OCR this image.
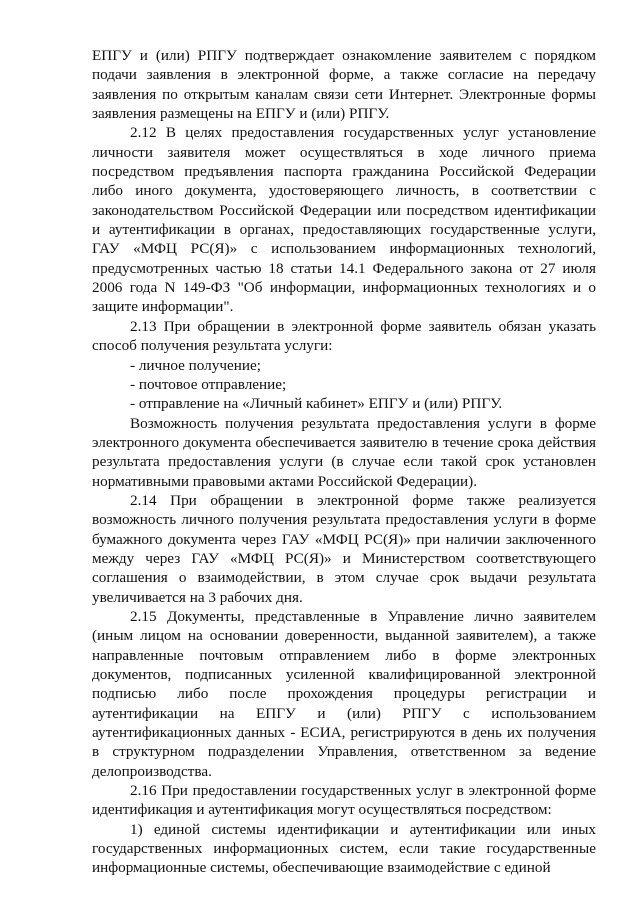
ЕПГУ и (или) РПГУ подтверждает ознакомление заявителем с порядком подачи заявления в электронной форме, а также согласие на передачу заявления по открытым каналам связи сети Интернет. Электронные формы заявления размещены на ЕПГУ и (или) РПГУ.

2.12 В целях предоставления государственных услуг установление личности заявителя может осуществляться в ходе личного приема посредством предъявления паспорта гражданина Российской Федерации либо иного документа, удостоверяющего личность, в соответствии с законодательством Российской Федерации или посредством идентификации и аутентификации в органах, предоставляющих государственные услуги, ГАУ «МФЦ РС(Я)» с использованием информационных технологий, предусмотренных частью 18 статьи 14.1 Федерального закона от 27 июля 2006 года N 149-ФЗ "Об информации, информационных технологиях и о защите информации".

2.13 При обращении в электронной форме заявитель обязан указать способ получения результата услуги:

- личное получение;

- почтовое отправление;

- отправление на «Личный кабинет» ЕПГУ и (или) РПГУ.

Возможность получения результата предоставления услуги в форме электронного документа обеспечивается заявителю в течение срока действия результата предоставления услуги (в случае если такой срок установлен нормативными правовыми актами Российской Федерации).

2.14 При обращении в электронной форме также реализуется возможность личного получения результата предоставления услуги в форме бумажного документа через ГАУ «МФЦ РС(Я)» при наличии заключенного между через ГАУ «МФЦ РС(Я)» и Министерством соответствующего соглашения о взаимодействии, в этом случае срок выдачи результата увеличивается на 3 рабочих дня.

2.15 Документы, представленные в Управление лично заявителем (иным лицом на основании доверенности, выданной заявителем), а также направленные почтовым отправлением либо в форме электронных документов, подписанных усиленной квалифицированной электронной подписью либо после прохождения процедуры регистрации и аутентификации на ЕПГУ и (или) РПГУ с использованием аутентификационных данных - ЕСИА, регистрируются в день их получения в структурном подразделении Управления, ответственном за ведение делопроизводства.

2.16 При предоставлении государственных услуг в электронной форме идентификация и аутентификация могут осуществляться посредством:

1) единой системы идентификации и аутентификации или иных государственных информационных систем, если такие государственные информационные системы, обеспечивающие взаимодействие с единой
